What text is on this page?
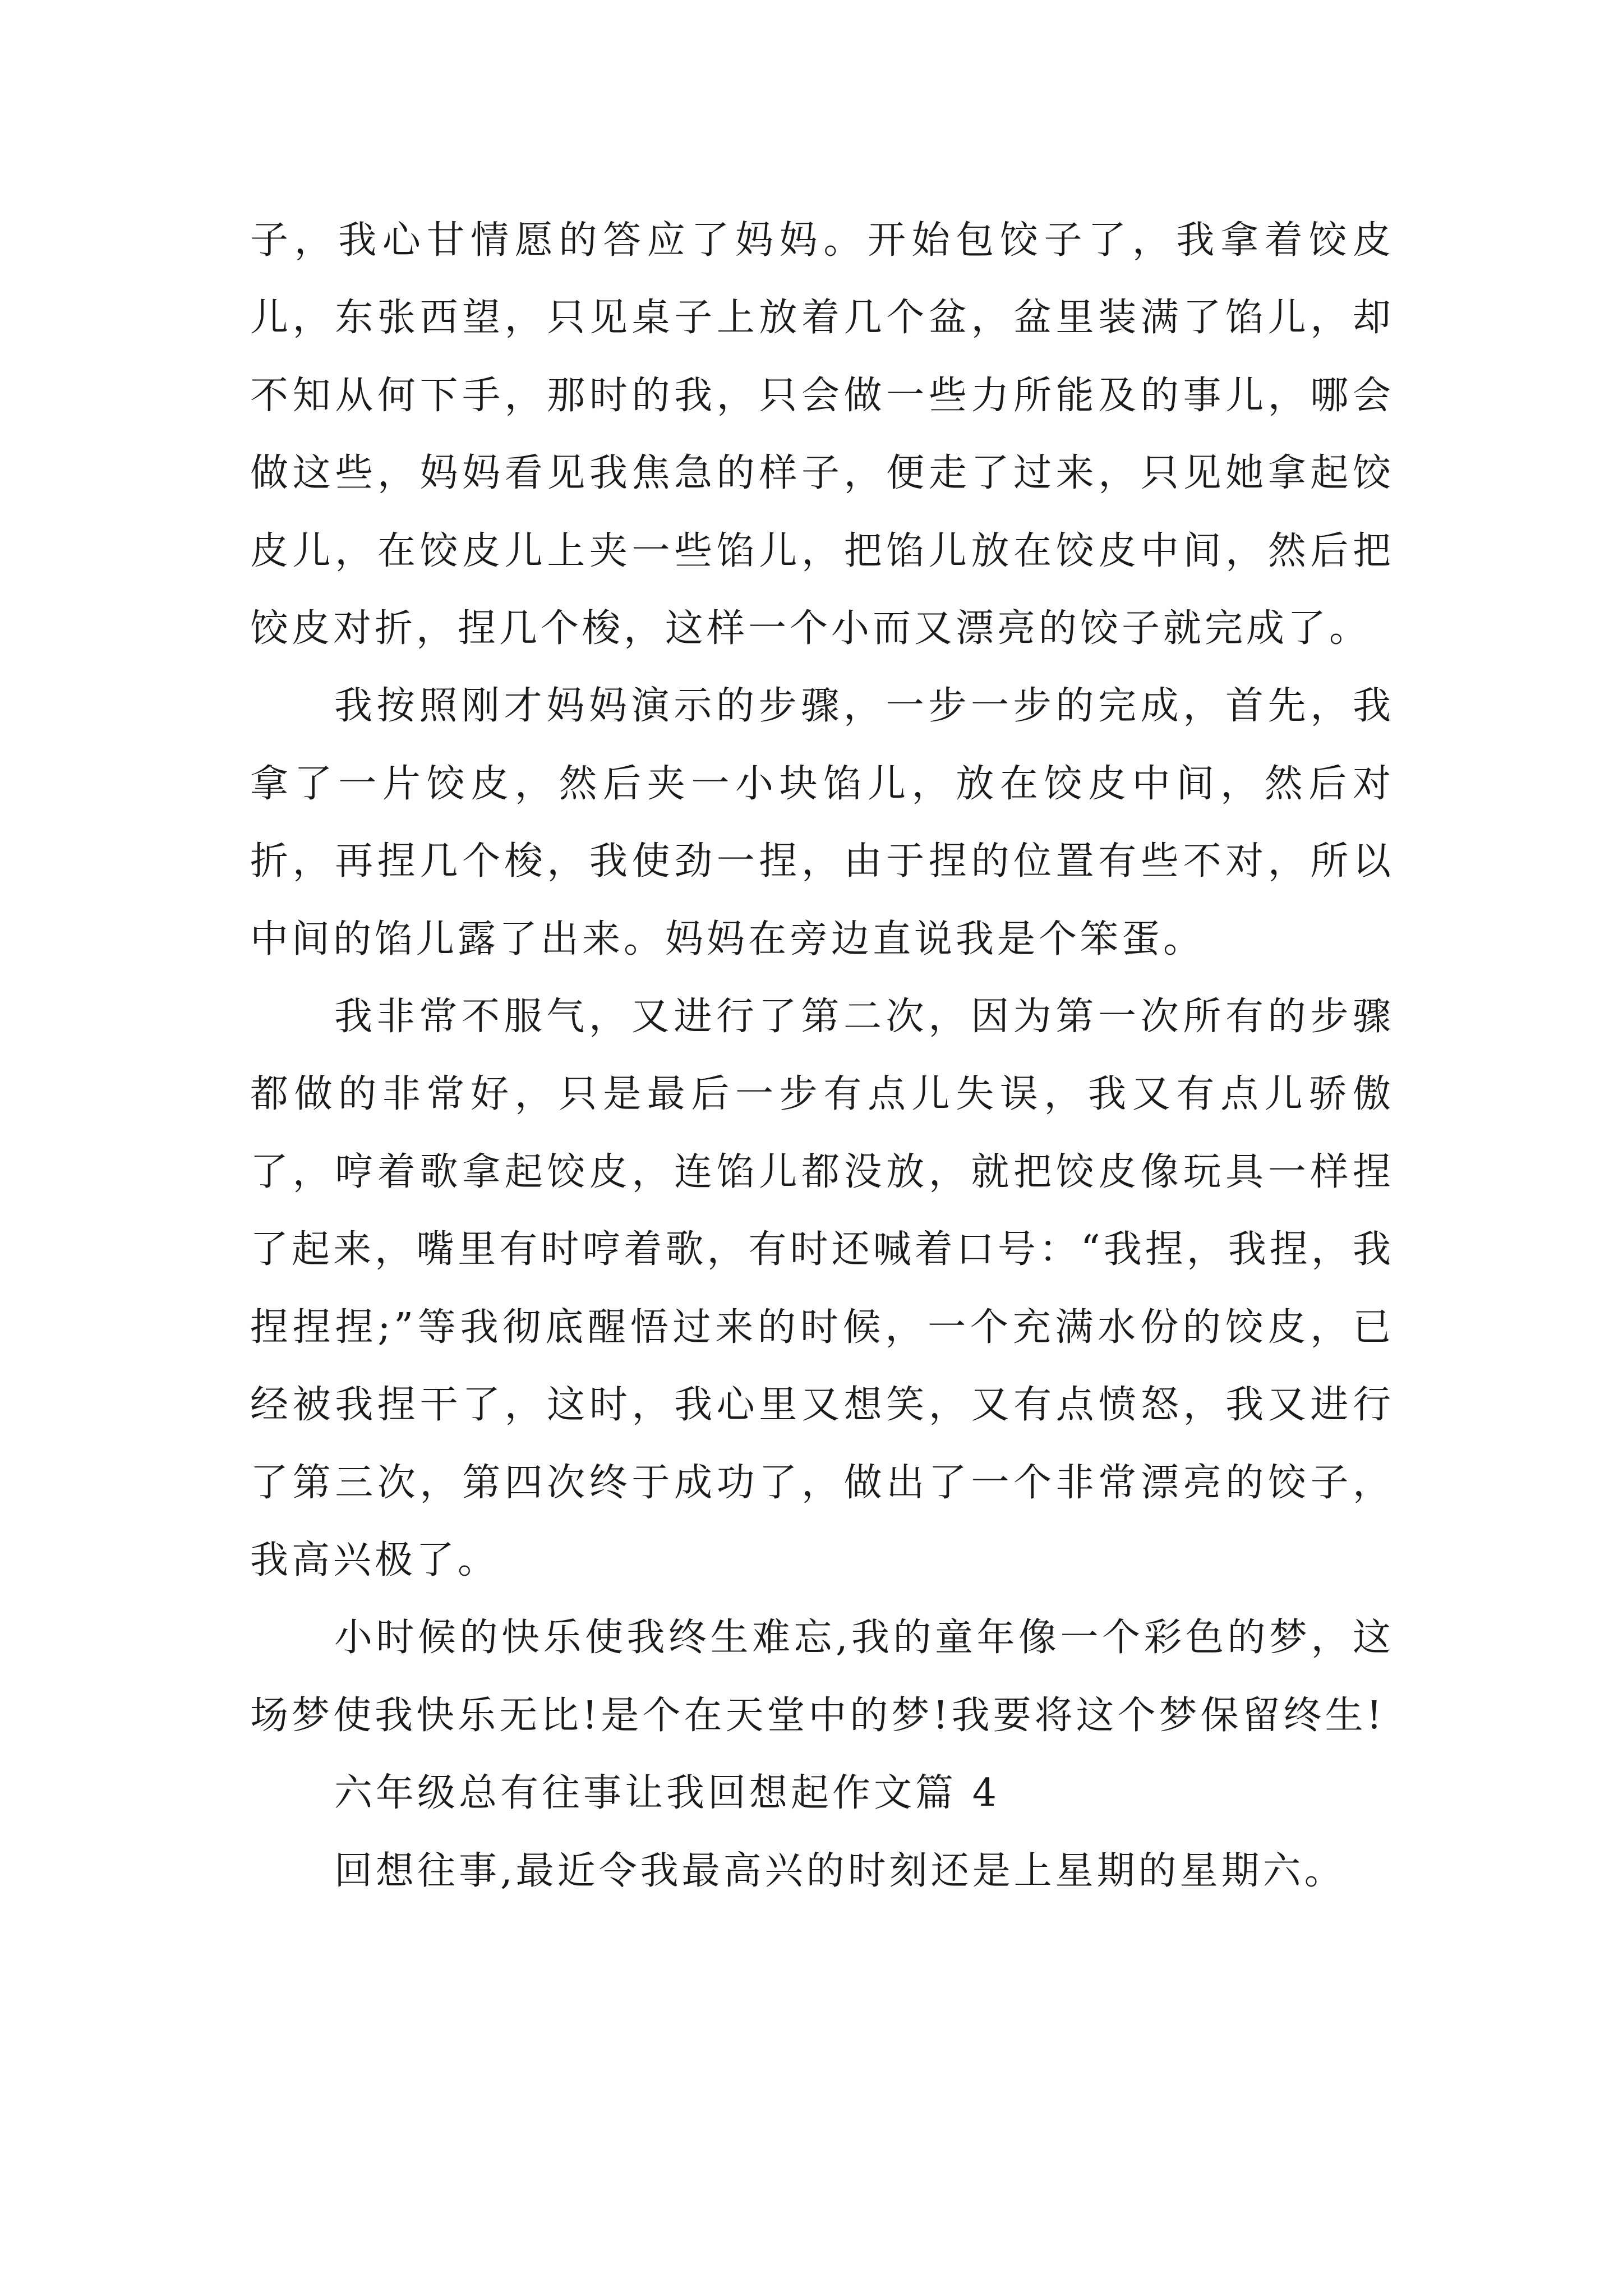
子，我心甘情愿的答应了妈妈。开始包饺子了，我拿着饺皮儿，东张西望，只见桌子上放着几个盆，盆里装满了馅儿，却不知从何下手，那时的我，只会做一些力所能及的事儿，哪会做这些，妈妈看见我焦急的样子，便走了过来，只见她拿起饺皮儿，在饺皮儿上夹一些馅儿，把馅儿放在饺皮中间，然后把饺皮对折，捏几个梭，这样一个小而又漂亮的饺子就完成了。

我按照刚才妈妈演示的步骤，一步一步的完成，首先，我拿了一片饺皮，然后夹一小块馅儿，放在饺皮中间，然后对折，再捏几个梭，我使劲一捏，由于捏的位置有些不对，所以中间的馅儿露了出来。妈妈在旁边直说我是个笨蛋。

我非常不服气，又进行了第二次，因为第一次所有的步骤都做的非常好，只是最后一步有点儿失误，我又有点儿骄傲了，哼着歌拿起饺皮，连馅儿都没放，就把饺皮像玩具一样捏了起来，嘴里有时哼着歌，有时还喊着口号：“我捏，我捏，我捏捏捏;”等我彻底醒悟过来的时候，一个充满水份的饺皮，已经被我捏干了，这时，我心里又想笑，又有点愤怒，我又进行了第三次，第四次终于成功了，做出了一个非常漂亮的饺子，我高兴极了。

小时候的快乐使我终生难忘,我的童年像一个彩色的梦，这场梦使我快乐无比!是个在天堂中的梦!我要将这个梦保留终生!

六年级总有往事让我回想起作文篇 4

回想往事,最近令我最高兴的时刻还是上星期的星期六。
